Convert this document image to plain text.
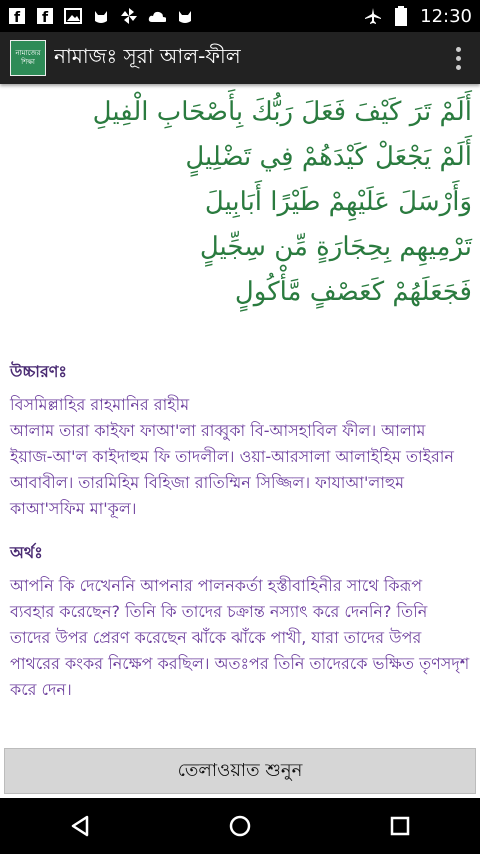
f f	12:30
নামাজের শিক্ষা নামাজঃ সূরা আল-ফীল
أَلَمْ تَرَ كَيْفَ فَعَلَ رَبُّكَ بِأَصْحَابِ الْفِيلِ
أَلَمْ يَجْعَلْ كَيْدَهُمْ فِي تَضْلِيلٍ
وَأَرْسَلَ عَلَيْهِمْ طَيْرًا أَبَابِيلَ
تَرْمِيهِم بِحِجَارَةٍ مِّن سِجِّيلٍ
فَجَعَلَهُمْ كَعَصْفٍ مَّأْكُولٍ
উচ্চারণঃ
বিসমিল্লাহির রাহমানির রাহীম
আলাম তারা কাইফা ফাআ'লা রাব্বুকা বি-আসহাবিল ফীল। আলাম ইয়াজ-আ'ল কাইদাহুম ফি তাদলীল। ওয়া-আরসালা আলাইহিম তাইরান আবাবীল। তারমিহিম বিহিজা রাতিম্মিন সিজ্জিল। ফাযাআ'লাহুম কাআ'সফিম মা'কূল।
অর্থঃ
আপনি কি দেখেননি আপনার পালনকর্তা হস্তীবাহিনীর সাথে কিরূপ ব্যবহার করেছেন? তিনি কি তাদের চক্রান্ত নস্যাৎ করে দেননি? তিনি তাদের উপর প্রেরণ করেছেন ঝাঁকে ঝাঁকে পাখী, যারা তাদের উপর পাথরের কংকর নিক্ষেপ করছিল। অতঃপর তিনি তাদেরকে ভক্ষিত তৃণসদৃশ করে দেন।
তেলাওয়াত শুনুন
